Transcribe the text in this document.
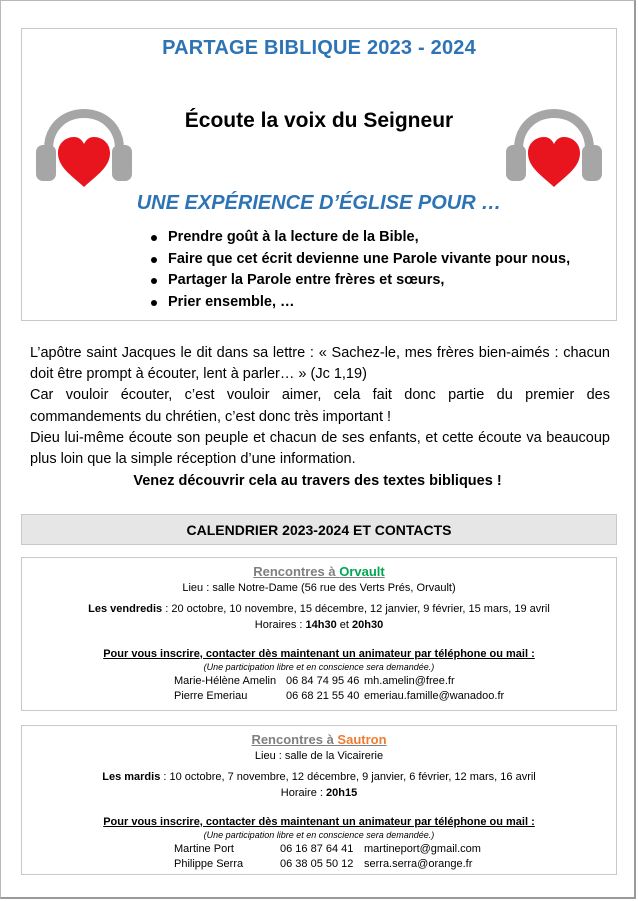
PARTAGE BIBLIQUE 2023 - 2024
Écoute la voix du Seigneur
UNE EXPÉRIENCE D’ÉGLISE POUR …
Prendre goût à la lecture de la Bible,
Faire que cet écrit devienne une Parole vivante pour nous,
Partager la Parole entre frères et sœurs,
Prier ensemble, …

L’apôtre saint Jacques le dit dans sa lettre : « Sachez-le, mes frères bien-aimés : chacun doit être prompt à écouter, lent à parler… » (Jc 1,19)

Car vouloir écouter, c’est vouloir aimer, cela fait donc partie du premier des commandements du chrétien, c’est donc très important !

Dieu lui-même écoute son peuple et chacun de ses enfants, et cette écoute va beaucoup plus loin que la simple réception d’une information.

Venez découvrir cela au travers des textes bibliques !
CALENDRIER 2023-2024 ET CONTACTS
Rencontres à Orvault
Lieu : salle Notre-Dame (56 rue des Verts Prés, Orvault)
Les vendredis : 20 octobre, 10 novembre, 15 décembre, 12 janvier, 9 février, 15 mars, 19 avril
Horaires : 14h30 et 20h30
Pour vous inscrire, contacter dès maintenant un animateur par téléphone ou mail :
(Une participation libre et en conscience sera demandée.)
Marie-Hélène Amelin 06 84 74 95 46 mh.amelin@free.fr
Pierre Emeriau	06 68 21 55 40 emeriau.famille@wanadoo.fr
Rencontres à Sautron
Lieu : salle de la Vicairerie
Les mardis : 10 octobre, 7 novembre, 12 décembre, 9 janvier, 6 février, 12 mars, 16 avril
Horaire : 20h15
Pour vous inscrire, contacter dès maintenant un animateur par téléphone ou mail :
(Une participation libre et en conscience sera demandée.)
Martine Port	06 16 87 64 41 martineport@gmail.com
Philippe Serra	06 38 05 50 12 serra.serra@orange.fr
